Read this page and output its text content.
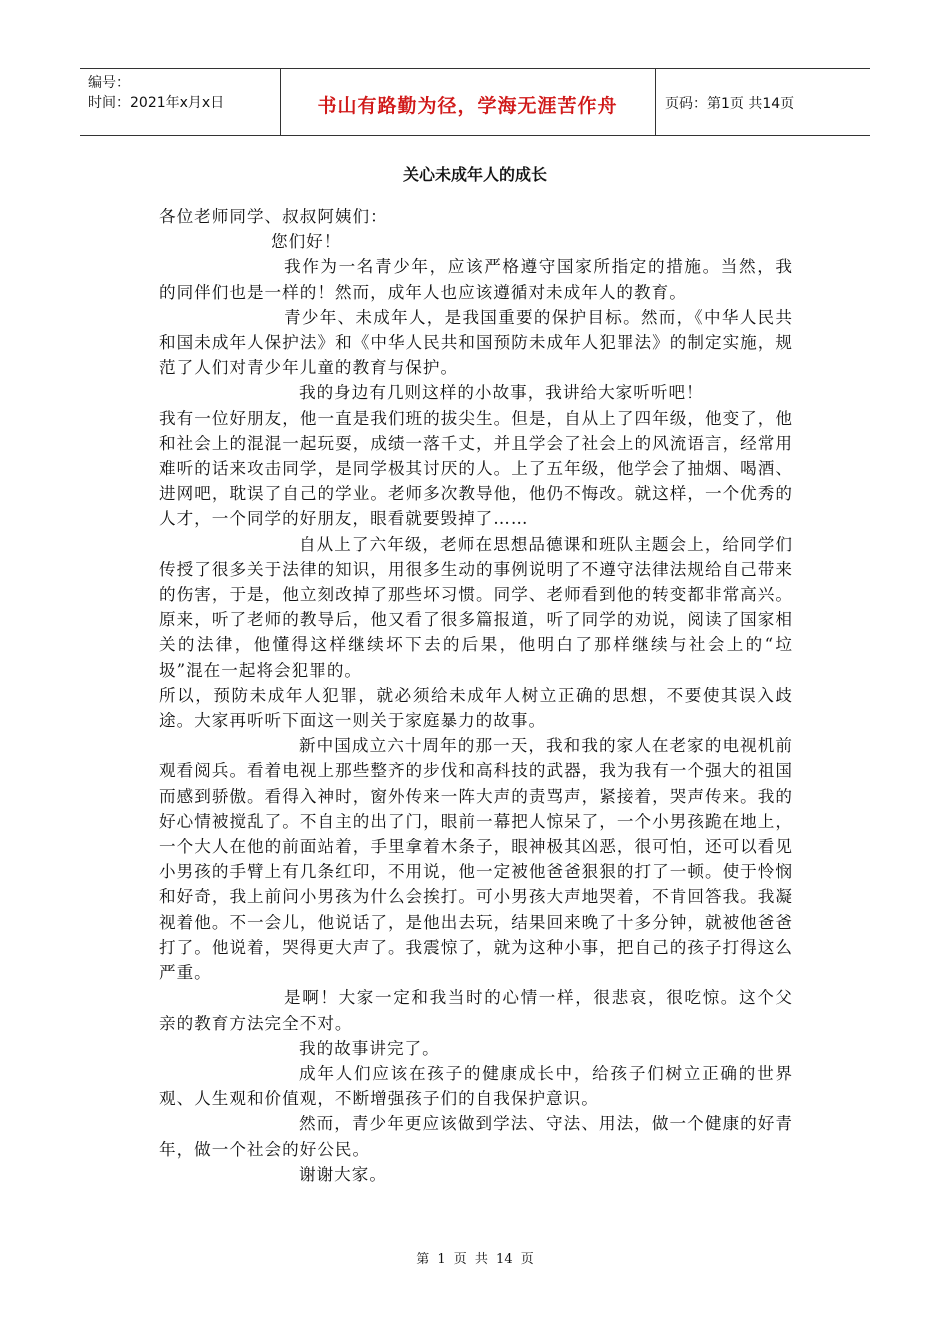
编号：
时间：2021年x月x日	书山有路勤为径，学海无涯苦作舟	页码：第1页 共14页
关心未成年人的成长

各位老师同学、叔叔阿姨们：

您们好！

我作为一名青少年，应该严格遵守国家所指定的措施。当然，我的同伴们也是一样的！然而，成年人也应该遵循对未成年人的教育。

青少年、未成年人，是我国重要的保护目标。然而，《中华人民共和国未成年人保护法》和《中华人民共和国预防未成年人犯罪法》的制定实施，规范了人们对青少年儿童的教育与保护。

我的身边有几则这样的小故事，我讲给大家听听吧！

我有一位好朋友，他一直是我们班的拔尖生。但是，自从上了四年级，他变了，他和社会上的混混一起玩耍，成绩一落千丈，并且学会了社会上的风流语言，经常用难听的话来攻击同学，是同学极其讨厌的人。上了五年级，他学会了抽烟、喝酒、进网吧，耽误了自己的学业。老师多次教导他，他仍不悔改。就这样，一个优秀的人才，一个同学的好朋友，眼看就要毁掉了……

自从上了六年级，老师在思想品德课和班队主题会上，给同学们传授了很多关于法律的知识，用很多生动的事例说明了不遵守法律法规给自己带来的伤害，于是，他立刻改掉了那些坏习惯。同学、老师看到他的转变都非常高兴。原来，听了老师的教导后，他又看了很多篇报道，听了同学的劝说，阅读了国家相关的法律，他懂得这样继续坏下去的后果，他明白了那样继续与社会上的“垃圾”混在一起将会犯罪的。

所以，预防未成年人犯罪，就必须给未成年人树立正确的思想，不要使其误入歧途。大家再听听下面这一则关于家庭暴力的故事。

新中国成立六十周年的那一天，我和我的家人在老家的电视机前观看阅兵。看着电视上那些整齐的步伐和高科技的武器，我为我有一个强大的祖国而感到骄傲。看得入神时，窗外传来一阵大声的责骂声，紧接着，哭声传来。我的好心情被搅乱了。不自主的出了门，眼前一幕把人惊呆了，一个小男孩跪在地上，一个大人在他的前面站着，手里拿着木条子，眼神极其凶恶，很可怕，还可以看见小男孩的手臂上有几条红印，不用说，他一定被他爸爸狠狠的打了一顿。使于怜悯和好奇，我上前问小男孩为什么会挨打。可小男孩大声地哭着，不肯回答我。我凝视着他。不一会儿，他说话了，是他出去玩，结果回来晚了十多分钟，就被他爸爸打了。他说着，哭得更大声了。我震惊了，就为这种小事，把自己的孩子打得这么严重。

是啊！大家一定和我当时的心情一样，很悲哀，很吃惊。这个父亲的教育方法完全不对。

我的故事讲完了。

成年人们应该在孩子的健康成长中，给孩子们树立正确的世界观、人生观和价值观，不断增强孩子们的自我保护意识。

然而，青少年更应该做到学法、守法、用法，做一个健康的好青年，做一个社会的好公民。

谢谢大家。

第 1 页 共 14 页
